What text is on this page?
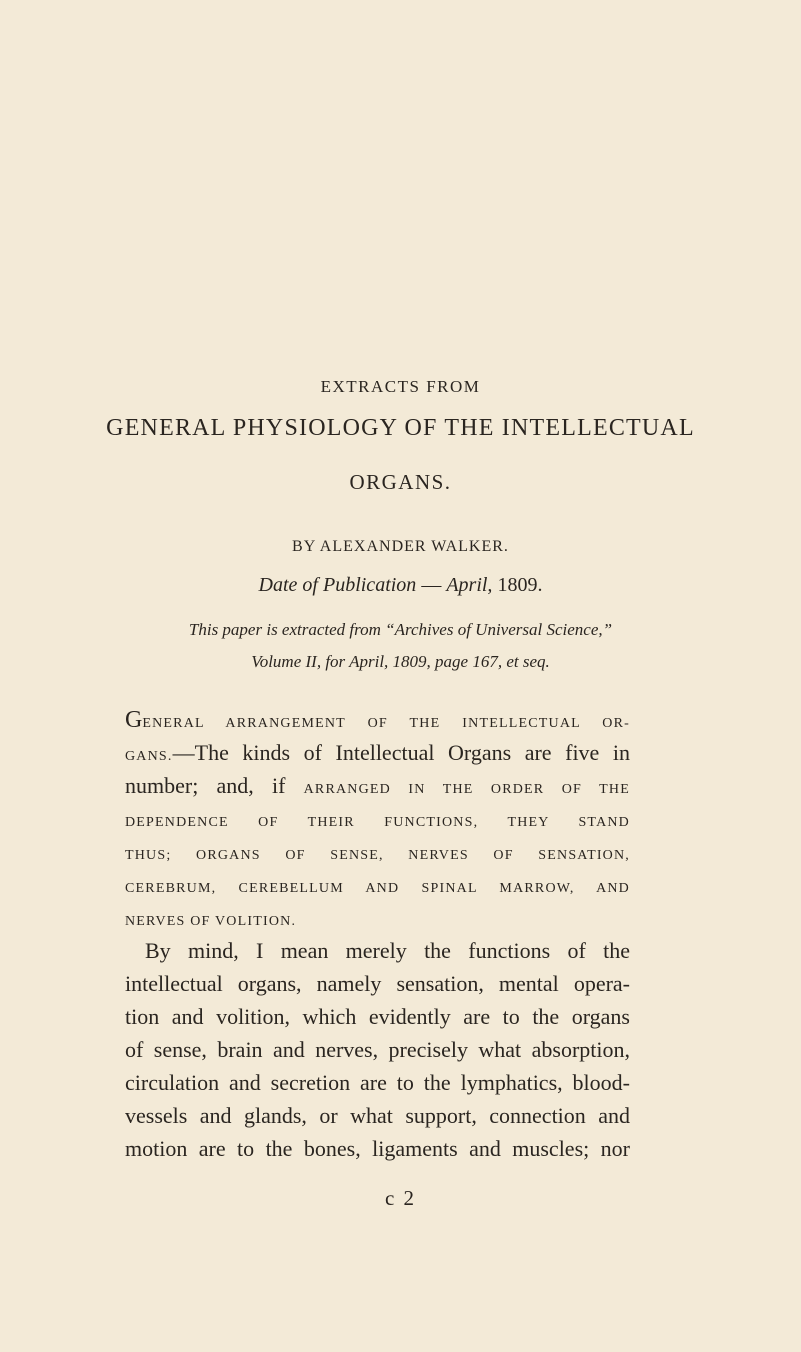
EXTRACTS FROM
GENERAL PHYSIOLOGY OF THE INTELLECTUAL
ORGANS.
BY ALEXANDER WALKER.
Date of Publication — April, 1809.
This paper is extracted from “Archives of Universal Science,”
Volume II, for April, 1809, page 167, et seq.
GENERAL ARRANGEMENT OF THE INTELLECTUAL OR-
GANS.—The kinds of Intellectual Organs are five in
number; and, if ARRANGED IN THE ORDER OF THE
DEPENDENCE OF THEIR FUNCTIONS, THEY STAND
THUS; ORGANS OF SENSE, NERVES OF SENSATION,
CEREBRUM, CEREBELLUM AND SPINAL MARROW, AND
NERVES OF VOLITION.
By mind, I mean merely the functions of the
intellectual organs, namely sensation, mental opera-
tion and volition, which evidently are to the organs
of sense, brain and nerves, precisely what absorption,
circulation and secretion are to the lymphatics, blood-
vessels and glands, or what support, connection and
motion are to the bones, ligaments and muscles; nor
c 2
